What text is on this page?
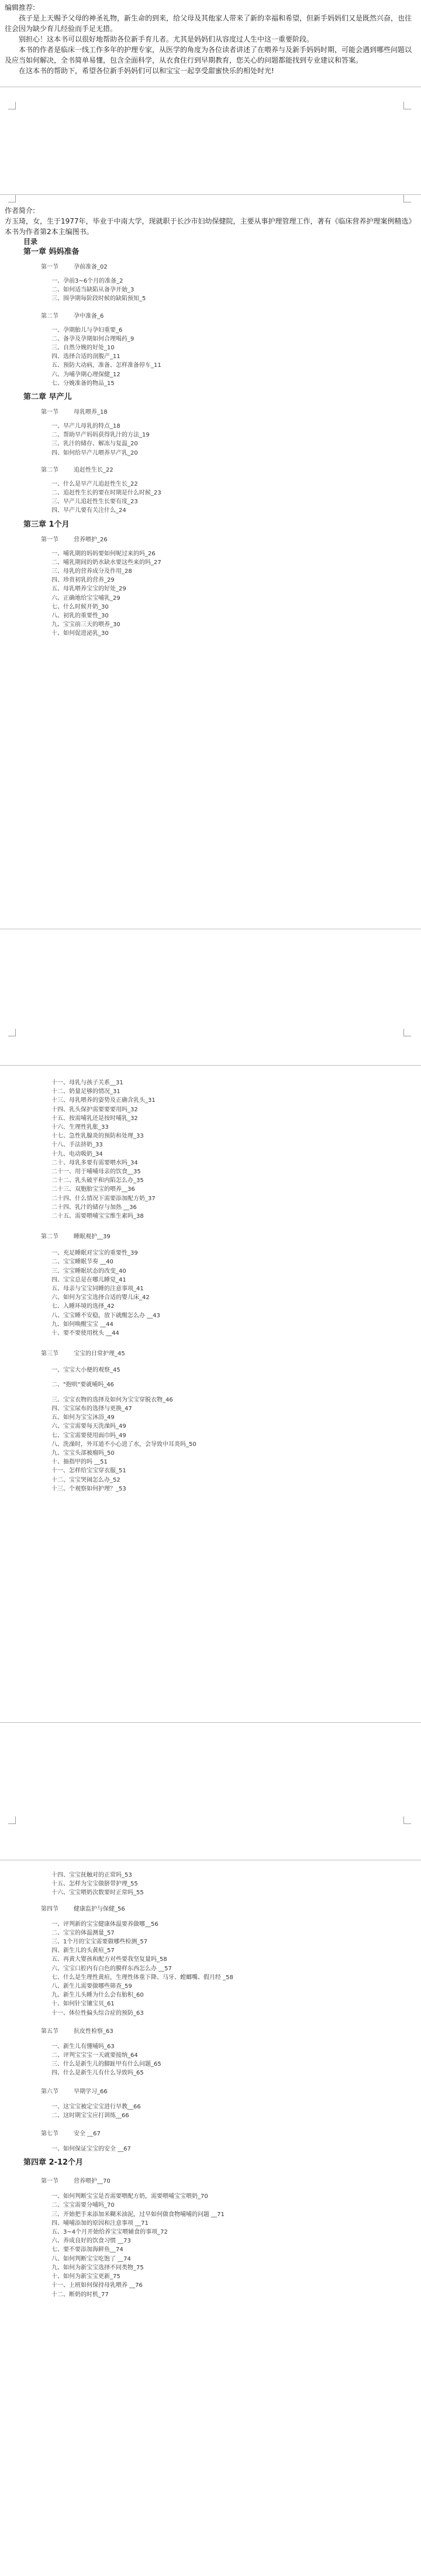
编辑推荐:

孩子是上天赐予父母的神圣礼物，新生命的到来，给父母及其他家人带来了新的幸福和希望，但新手妈妈们又是既然兴奋，也往往会因为缺少育儿经验而手足无措。

别担心！这本书可以很好地帮助各位新手育儿者。尤其是妈妈们从容度过人生中这一重要阶段。

本书的作者是临床一线工作多年的护理专家，从医学的角度为各位读者讲述了在喂养与及新手妈妈时期，可能会遇到哪些问题以及应当如何解决，全书简单易懂，包含全面科学，从衣食住行到早期教育，您关心的问题都能找到专业建议和答案。

在这本书的帮助下，希望各位新手妈妈们可以和宝宝一起享受甜蜜快乐的相处时光!

作者简介:

方玉琦，女，生于1977年，毕业于中南大学，现就职于长沙市妇幼保健院，主要从事护理管理工作，著有《临床营养护理案例精选》本书为作者第2本主编图书。

目录
第一章 妈妈准备
第一节	孕前准备_02
一、孕前3~6个月的准备_2
二、如何适当缺陷从备孕开始_3
三、围孕期每阶段时候的缺陷预知_5
第二节	孕中准备_6
一、孕期胎儿与孕妇重要_6
二、备孕及孕期如何合理喝药_9
三、自然分娩的好处_10
四、选择合适的剖腹产_11
五、预防大动病，准备、怎样准备停车_11
六、为哺孕期心理保健_12
七、分娩准备的物品_15
第二章 早产儿
第一节	母乳喂养_18
一、早产儿母乳的特点_18
二、帮助早产妈妈获得乳汁的方法_19
三、乳汁的储存、解冻与复温_20
四、如何给早产儿喂养早产乳_20
第二节	追赶性生长_22
一、什么是早产儿追赶性生长_22
二、追赶性生长的要在时期是什么时候_23
三、早产儿追赶性生长要有度_23
四、早产儿要有关注什么_24
第三章 1个月
第一节	营养喂护_26
一、哺乳期的妈妈要如何呢过来的吗_26
二、哺乳期间的奶水缺水要这些来的吗_27
三、母乳的营养成分及作用_28
四、珍贵初乳的营养_29
五、母乳喂养宝宝的好处_29
六、正确地给宝宝哺乳_29
七、什么时候开奶_30
八、初乳的重要性_30
九、宝宝前三天的喂养_30
十、如何促进泌乳_30
十一、母乳与孩子关系__31
十二、奶量足够的情况_31
十三、母乳喂养的姿势及正确含乳头_31
十四、乳头保护需要要要用吗_32
十五、按需哺乳还是按时哺乳_32
十六、生理性乳胀_33
十七、急性乳腺炎的预防和处理_33
十八、手法挤奶_33
十九、电动吸奶_34
二十、母乳多要有需要喂水吗_34
二十一、用于哺哺母亲的饮食__35
二十二、乳头破平和内陷怎么办_35
二十三、双胞胎宝宝的喂养__36
二十四、什么情况下需要添加配方奶_37
二十四、乳汁的储存与加热 __36
二十五、需要喂哺宝宝维生素吗_38
第二节	睡眠观护__39
一、充足睡眠对宝宝的重要性_39
二、宝宝睡眠节奏 __40
三、宝宝睡眠状态的改变_40
四、宝宝总是在哪儿睡觉_41
五、母亲与宝宝同睡的注意事项_41
六、如何为宝宝选择合适的婴儿床_42
七、入睡环境的选择_42
八、宝宝睡不安稳，放下就醒怎么办 __43
九、如何唤醒宝宝 __44
十、要不要使用枕头 __44
第三节	宝宝的日常护理_45
一、宝宝大小便的观察_45
二、"抱哄"要就哺吗_46
三、宝宝衣物的选择及如何为宝宝穿脱衣物_46
四、宝宝尿布的选择与更换_47
五、如何为宝宝沐浴_49
六、宝宝需要每天洗澡吗_49
七、宝宝需要使用面巾吗_49
八、洗澡时，外耳道不小心进了水，会导致中耳炎吗_50
九、宝宝头部被瘤吗_50
十、抽指甲的吗 __51
十一、怎样给宝宝穿衣服_51
十二、宝宝哭闹怎么办_52
十三、个观察如何护理？_53
十四、宝宝抚触对的正常吗_53
十五、怎样为宝宝做脐带护理_55
十六、宝宝喂奶次数要时正常吗_55
第四节	健康监护与保健_56
一、评判新的宝宝健康体温要养做哪__56
二、宝宝的体温测量_57
三、1个月的宝宝需要做哪些检测_57
四、新生儿的头黄疸_57
五、再黄大婴孩和配方对些要我坚复量吗_58
六、宝宝口腔内有白色的膜样东西怎么办 __57
七、什么是生理性黄疸，生理性体重下降、马牙、螳螂嘴、假月经 _58
八、新生儿需要做哪些筛查_59
九、新生儿头睡为什么会有胎积_60
十、如何针宝镶宝贝_61
十一、体位性偏头综合症的预防_63
第五节	抗皮性检察_63
一、新生儿有懂哺吗_63
二、评判宝宝宝一天就要接纳_64
三、什么是新生儿的脚趾甲有什么问题_65
四、什么是新生儿有什么导致吗_65
第六节	早期学习_66
一、这宝宝被定宝宝进行早教__66
二、这时期宝宝应打训练__66
第七节	安全 __67
一、如何保证宝宝的安全 __67
第四章 2-12个月
第一节	营养喂护__70
一、如何判断宝宝是否需要喂配方奶，需要喂哺宝宝喂奶_70
二、宝宝需要分哺吗_70
三、开始把手来添加米糊米油泥，过早如何做食物哺哺的问题 __71
四、哺哺添加的原因和注意事项 __71
五、3~4个月开始给养宝宝喂辅食的事项_72
六、养成良好的饮食习惯 __73
七、要不要添加海鲜鱼__74
八、如何判断宝宝吃饱了 __74
九、如何为新宝宝选择不同类物_75
十、如何为新宝宝更新_75
十一、上班如何保持母乳喂养 __76
十二、断奶的时机_77
